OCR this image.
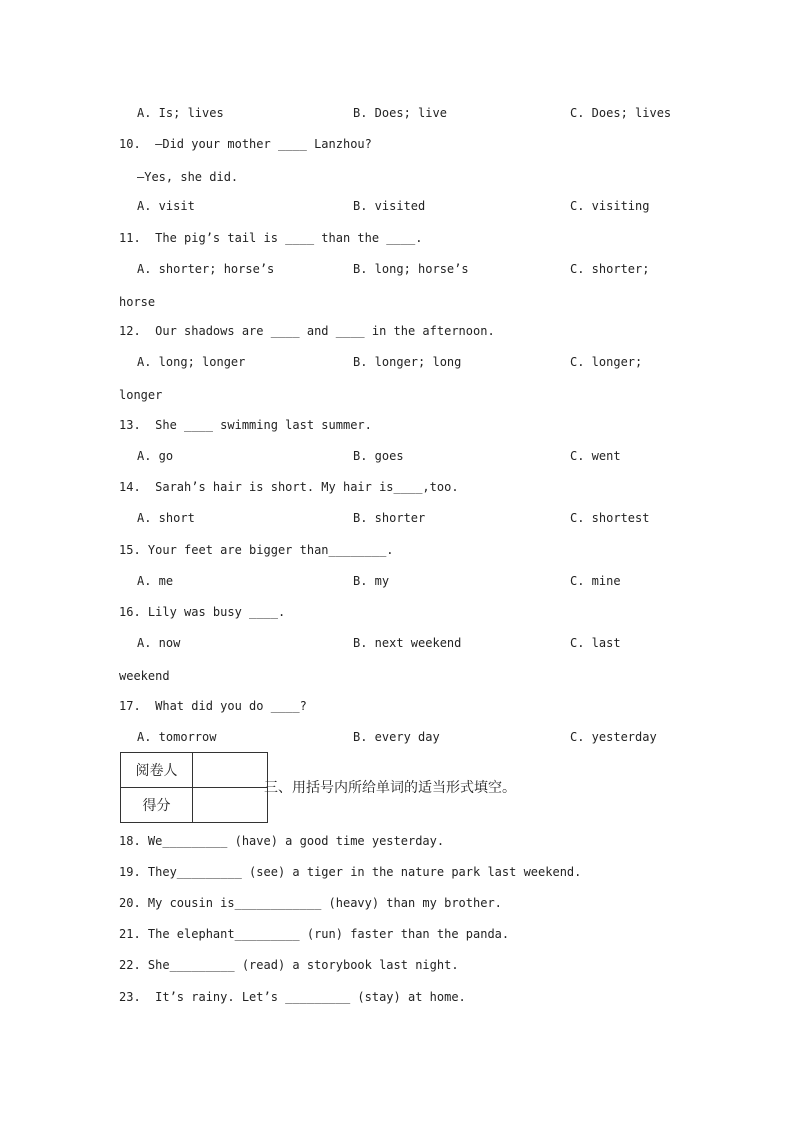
A. Is; lives	B. Does; live	C. Does; lives
10.  —Did your mother ____ Lanzhou?
—Yes, she did.
A. visit	B. visited	C. visiting
11.  The pig’s tail is ____ than the ____.
A. shorter; horse’s	B. long; horse’s	C. shorter;
horse
12.  Our shadows are ____ and ____ in the afternoon.
A. long; longer	B. longer; long	C. longer;
longer
13.  She ____ swimming last summer.
A. go	B. goes	C. went
14.  Sarah’s hair is short. My hair is____,too.
A. short	B. shorter	C. shortest
15. Your feet are bigger than________.
A. me	B. my	C. mine
16. Lily was busy ____.
A. now	B. next weekend	C. last
weekend
17.  What did you do ____?
A. tomorrow	B. every day	C. yesterday
阅卷人	
得分	
三、用括号内所给单词的适当形式填空。
18. We_________ (have) a good time yesterday.
19. They_________ (see) a tiger in the nature park last weekend.
20. My cousin is____________ (heavy) than my brother.
21. The elephant_________ (run) faster than the panda.
22. She_________ (read) a storybook last night.
23.  It’s rainy. Let’s _________ (stay) at home.
